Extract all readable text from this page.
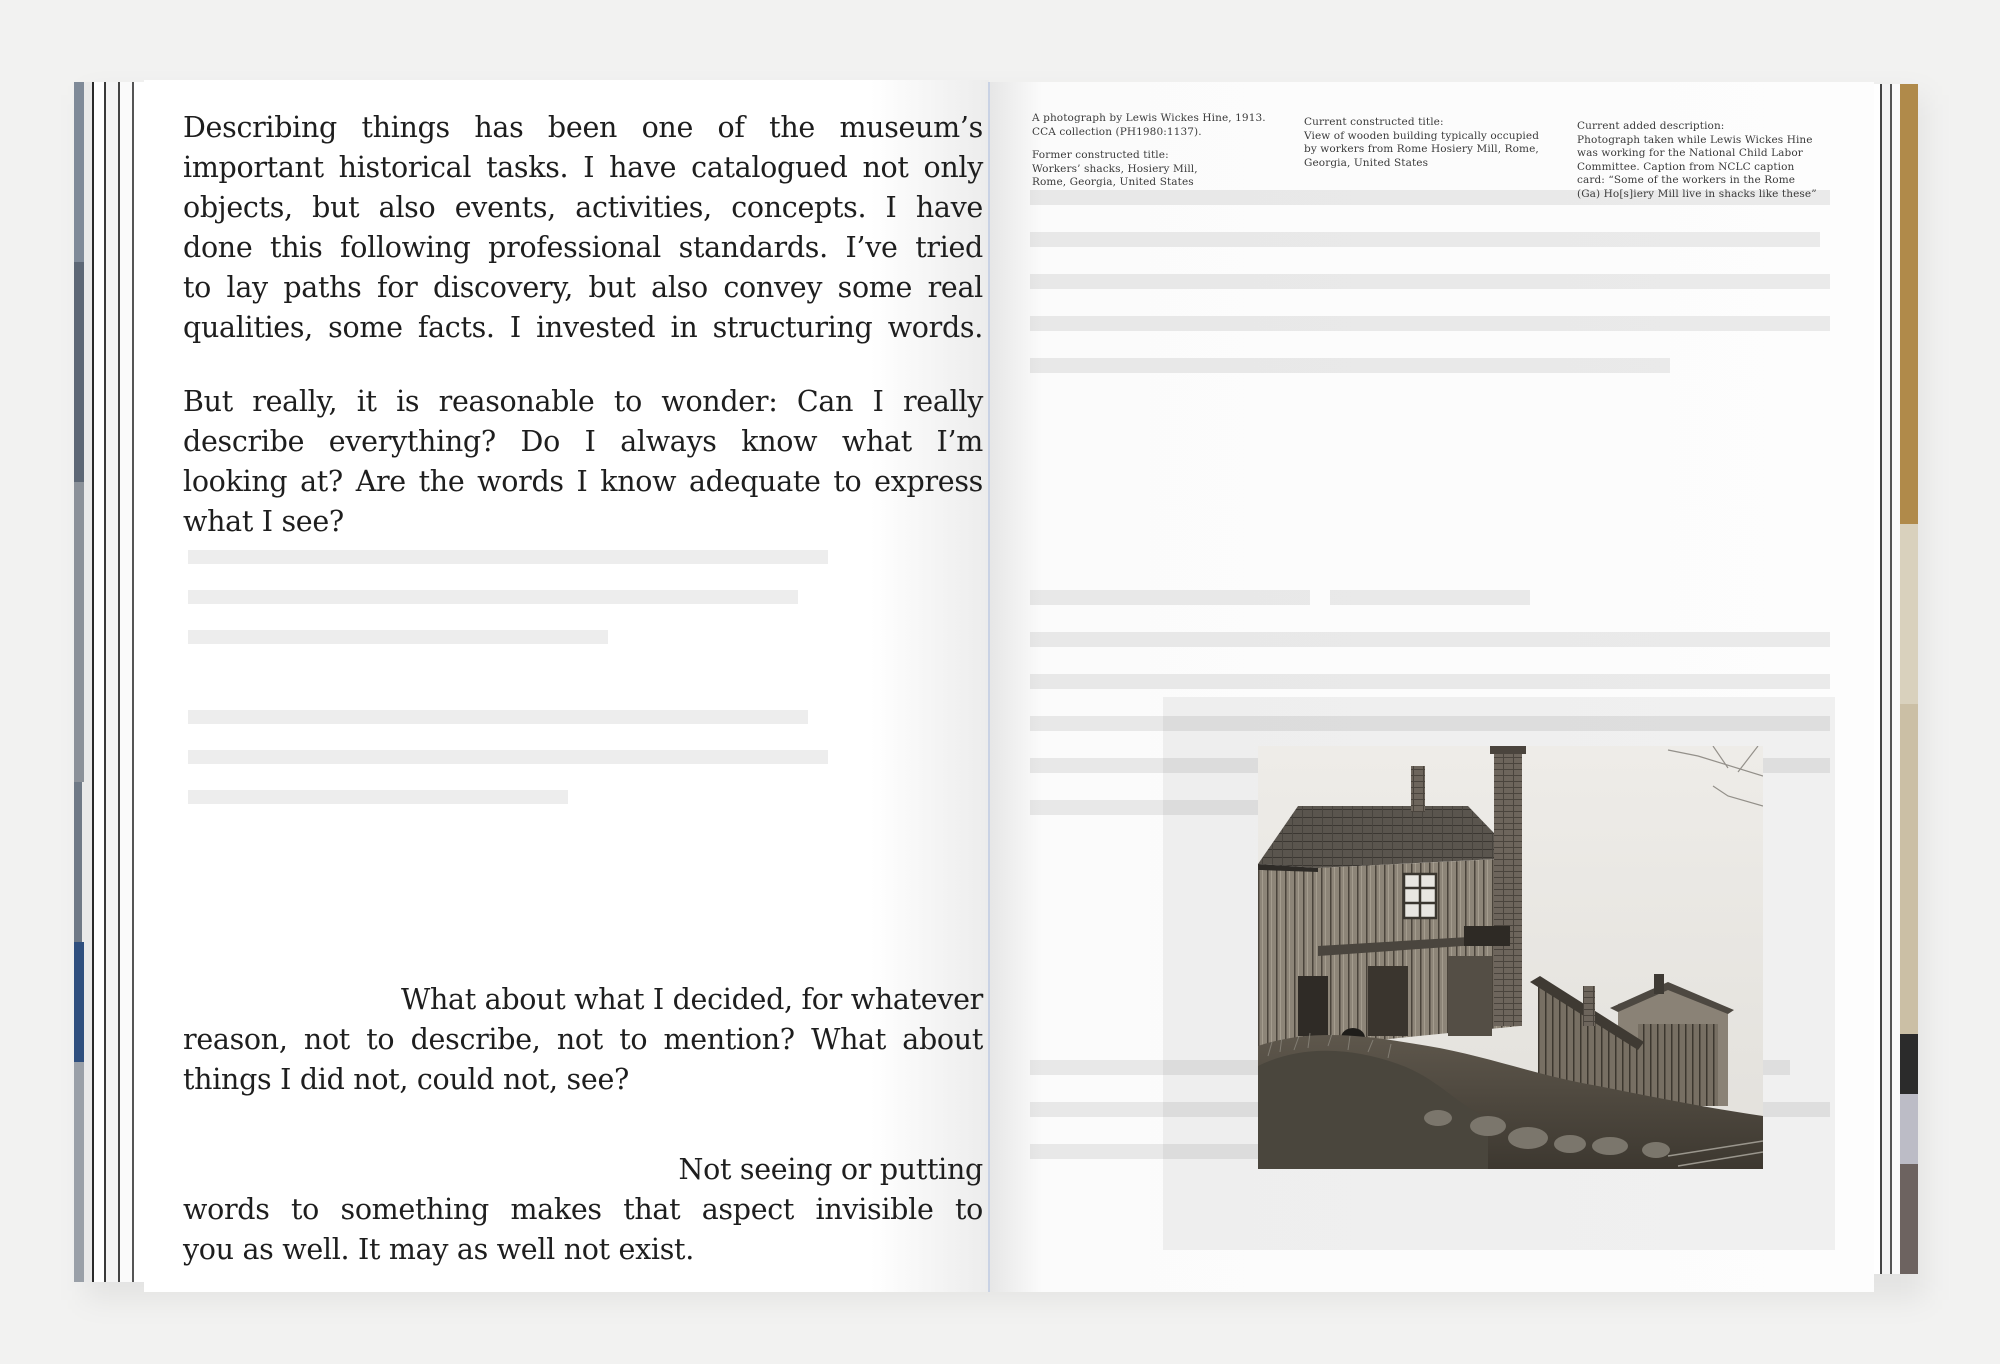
Describing things has been one of the museum’s
important historical tasks. I have catalogued not only
objects, but also events, activities, concepts. I have
done this following professional standards. I’ve tried
to lay paths for discovery, but also convey some real
qualities, some facts. I invested in structuring words.
But really, it is reasonable to wonder: Can I really
describe everything? Do I always know what I’m
looking at? Are the words I know adequate to express
what I see?
What about what I decided, for whatever
reason, not to describe, not to mention? What about
things I did not, could not, see?
Not seeing or putting
words to something makes that aspect invisible to
you as well. It may as well not exist.
A photograph by Lewis Wickes Hine, 1913.
CCA collection (PH1980:1137).
Former constructed title:
Workers’ shacks, Hosiery Mill,
Rome, Georgia, United States
Current constructed title:
View of wooden building typically occupied
by workers from Rome Hosiery Mill, Rome,
Georgia, United States
Current added description:
Photograph taken while Lewis Wickes Hine
was working for the National Child Labor
Committee. Caption from NCLC caption
card: “Some of the workers in the Rome
(Ga) Ho[s]iery Mill live in shacks like these”
